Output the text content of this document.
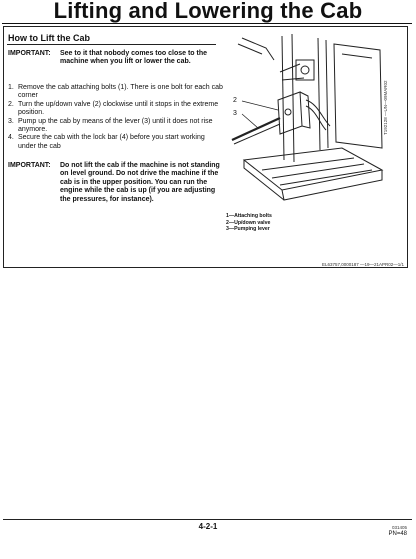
Lifting and Lowering the Cab
How to Lift the Cab
IMPORTANT: See to it that nobody comes too close to the machine when you lift or lower the cab.
1. Remove the cab attaching bolts (1). There is one bolt for each cab corner
2. Turn the up/down valve (2) clockwise until it stops in the extreme position.
3. Pump up the cab by means of the lever (3) until it does not rise anymore.
4. Secure the cab with the lock bar (4) before you start working under the cab
IMPORTANT: Do not lift the cab if the machine is not standing on level ground. Do not drive the machine if the cab is in the upper position. You can run the engine while the cab is up (if you are adjusting the pressures, for instance).
2
3	T192128 —UN—09MAR02
1—Attaching bolts
2—Up/down valve
3—Pumping lever
EL63757,0000187 —19—21APR02—1/1
4-2-1	031405
PN=48
